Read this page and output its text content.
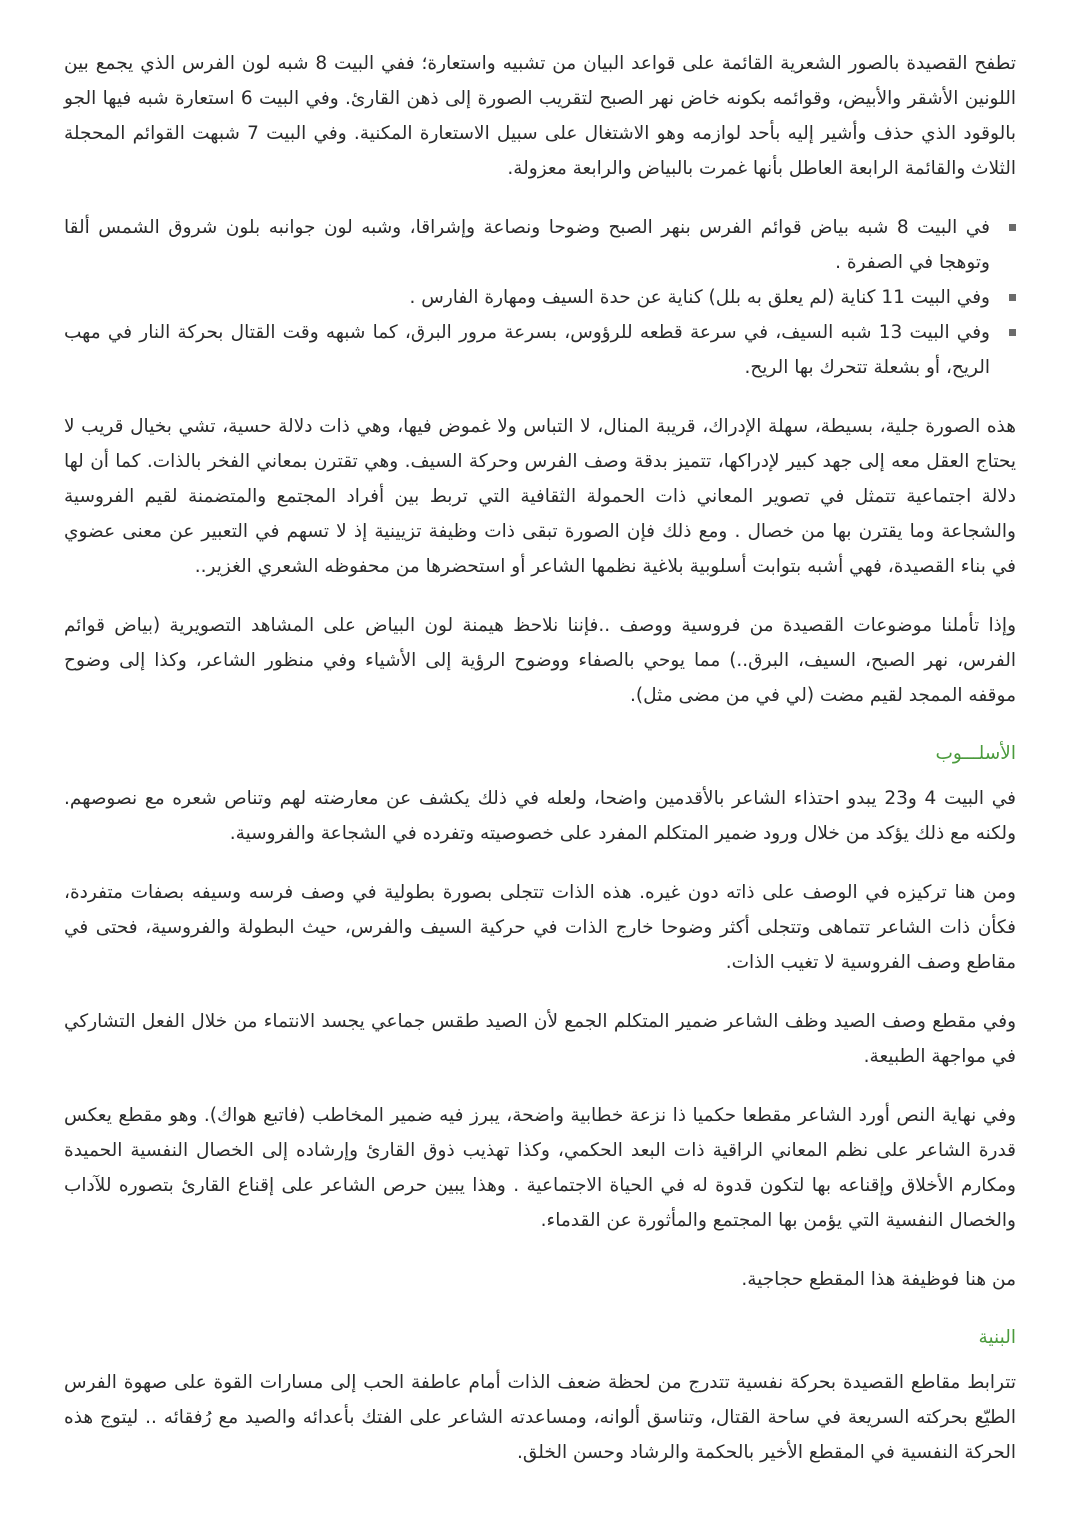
تطفح القصيدة بالصور الشعرية القائمة على قواعد البيان من تشبيه واستعارة؛ ففي البيت 8 شبه لون الفرس الذي يجمع بين اللونين الأشقر والأبيض، وقوائمه بكونه خاض نهر الصبح لتقريب الصورة إلى ذهن القارئ. وفي البيت 6 استعارة شبه فيها الجو بالوقود الذي حذف وأشير إليه بأحد لوازمه وهو الاشتغال على سبيل الاستعارة المكنية. وفي البيت 7 شبهت القوائم المحجلة الثلاث والقائمة الرابعة العاطل بأنها غمرت بالبياض والرابعة معزولة.

في البيت 8 شبه بياض قوائم الفرس بنهر الصبح وضوحا ونصاعة وإشراقا، وشبه لون جوانبه بلون شروق الشمس ألقا وتوهجا في الصفرة .
وفي البيت 11 كناية (لم يعلق به بلل) كناية عن حدة السيف ومهارة الفارس .
وفي البيت 13 شبه السيف، في سرعة قطعه للرؤوس، بسرعة مرور البرق، كما شبهه وقت القتال بحركة النار في مهب الريح، أو بشعلة تتحرك بها الريح.

هذه الصورة جلية، بسيطة، سهلة الإدراك، قريبة المنال، لا التباس ولا غموض فيها، وهي ذات دلالة حسية، تشي بخيال قريب لا يحتاج العقل معه إلى جهد كبير لإدراكها، تتميز بدقة وصف الفرس وحركة السيف. وهي تقترن بمعاني الفخر بالذات. كما أن لها دلالة اجتماعية تتمثل في تصوير المعاني ذات الحمولة الثقافية التي تربط بين أفراد المجتمع والمتضمنة لقيم الفروسية والشجاعة وما يقترن بها من خصال . ومع ذلك فإن الصورة تبقى ذات وظيفة تزيينية إذ لا تسهم في التعبير عن معنى عضوي في بناء القصيدة، فهي أشبه بتوابت أسلوبية بلاغية نظمها الشاعر أو استحضرها من محفوظه الشعري الغزير..

وإذا تأملنا موضوعات القصيدة من فروسية ووصف ..فإننا نلاحظ هيمنة لون البياض على المشاهد التصويرية (بياض قوائم الفرس، نهر الصبح، السيف، البرق..) مما يوحي بالصفاء ووضوح الرؤية إلى الأشياء وفي منظور الشاعر، وكذا إلى وضوح موقفه الممجد لقيم مضت (لي في من مضى مثل).

الأسلـــوب

في البيت 4 و23 يبدو احتذاء الشاعر بالأقدمين واضحا، ولعله في ذلك يكشف عن معارضته لهم وتناص شعره مع نصوصهم. ولكنه مع ذلك يؤكد من خلال ورود ضمير المتكلم المفرد على خصوصيته وتفرده في الشجاعة والفروسية.

ومن هنا تركيزه في الوصف على ذاته دون غيره. هذه الذات تتجلى بصورة بطولية في وصف فرسه وسيفه بصفات متفردة، فكأن ذات الشاعر تتماهى وتتجلى أكثر وضوحا خارج الذات في حركية السيف والفرس، حيث البطولة والفروسية، فحتى في مقاطع وصف الفروسية لا تغيب الذات.

وفي مقطع وصف الصيد وظف الشاعر ضمير المتكلم الجمع لأن الصيد طقس جماعي يجسد الانتماء من خلال الفعل التشاركي في مواجهة الطبيعة.

وفي نهاية النص أورد الشاعر مقطعا حكميا ذا نزعة خطابية واضحة، يبرز فيه ضمير المخاطب (فاتبع هواك). وهو مقطع يعكس قدرة الشاعر على نظم المعاني الراقية ذات البعد الحكمي، وكذا تهذيب ذوق القارئ وإرشاده إلى الخصال النفسية الحميدة ومكارم الأخلاق وإقناعه بها لتكون قدوة له في الحياة الاجتماعية . وهذا يبين حرص الشاعر على إقناع القارئ بتصوره للآداب والخصال النفسية التي يؤمن بها المجتمع والمأثورة عن القدماء.

من هنا فوظيفة هذا المقطع حجاجية.

البنية

تترابط مقاطع القصيدة بحركة نفسية تتدرج من لحظة ضعف الذات أمام عاطفة الحب إلى مسارات القوة على صهوة الفرس الطيّع بحركته السريعة في ساحة القتال، وتناسق ألوانه، ومساعدته الشاعر على الفتك بأعدائه والصيد مع رُفقائه .. ليتوج هذه الحركة النفسية في المقطع الأخير بالحكمة والرشاد وحسن الخلق.
